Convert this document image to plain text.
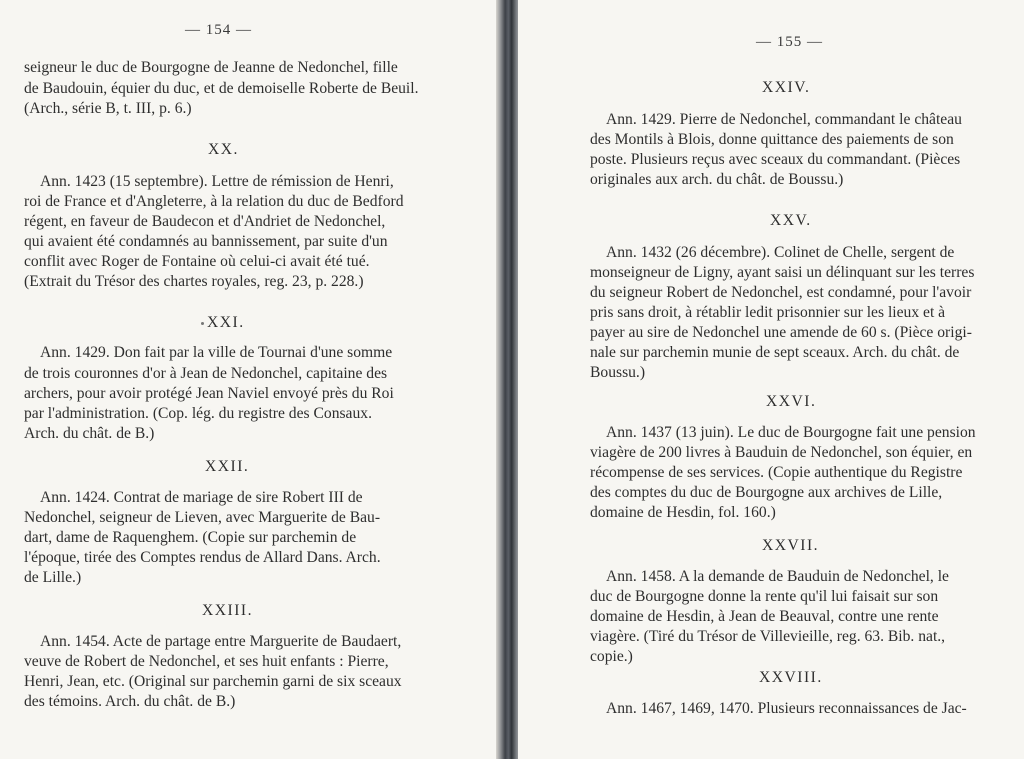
— 154 —
seigneur le duc de Bourgogne de Jeanne de Nedonchel, fille
de Baudouin, équier du duc, et de demoiselle Roberte de Beuil.
(Arch., série B, t. III, p. 6.)
XX.
Ann. 1423 (15 septembre). Lettre de rémission de Henri,
roi de France et d'Angleterre, à la relation du duc de Bedford
régent, en faveur de Baudecon et d'Andriet de Nedonchel,
qui avaient été condamnés au bannissement, par suite d'un
conflit avec Roger de Fontaine où celui-ci avait été tué.
(Extrait du Trésor des chartes royales, reg. 23, p. 228.)
XXI.
Ann. 1429. Don fait par la ville de Tournai d'une somme
de trois couronnes d'or à Jean de Nedonchel, capitaine des
archers, pour avoir protégé Jean Naviel envoyé près du Roi
par l'administration. (Cop. lég. du registre des Consaux.
Arch. du chât. de B.)
XXII.
Ann. 1424. Contrat de mariage de sire Robert III de
Nedonchel, seigneur de Lieven, avec Marguerite de Bau-
dart, dame de Raquenghem. (Copie sur parchemin de
l'époque, tirée des Comptes rendus de Allard Dans. Arch.
de Lille.)
XXIII.
Ann. 1454. Acte de partage entre Marguerite de Baudaert,
veuve de Robert de Nedonchel, et ses huit enfants : Pierre,
Henri, Jean, etc. (Original sur parchemin garni de six sceaux
des témoins. Arch. du chât. de B.)
— 155 —
XXIV.
Ann. 1429. Pierre de Nedonchel, commandant le château
des Montils à Blois, donne quittance des paiements de son
poste. Plusieurs reçus avec sceaux du commandant. (Pièces
originales aux arch. du chât. de Boussu.)
XXV.
Ann. 1432 (26 décembre). Colinet de Chelle, sergent de
monseigneur de Ligny, ayant saisi un délinquant sur les terres
du seigneur Robert de Nedonchel, est condamné, pour l'avoir
pris sans droit, à rétablir ledit prisonnier sur les lieux et à
payer au sire de Nedonchel une amende de 60 s. (Pièce origi-
nale sur parchemin munie de sept sceaux. Arch. du chât. de
Boussu.)
XXVI.
Ann. 1437 (13 juin). Le duc de Bourgogne fait une pension
viagère de 200 livres à Bauduin de Nedonchel, son équier, en
récompense de ses services. (Copie authentique du Registre
des comptes du duc de Bourgogne aux archives de Lille,
domaine de Hesdin, fol. 160.)
XXVII.
Ann. 1458. A la demande de Bauduin de Nedonchel, le
duc de Bourgogne donne la rente qu'il lui faisait sur son
domaine de Hesdin, à Jean de Beauval, contre une rente
viagère. (Tiré du Trésor de Villevieille, reg. 63. Bib. nat.,
copie.)
XXVIII.
Ann. 1467, 1469, 1470. Plusieurs reconnaissances de Jac-
